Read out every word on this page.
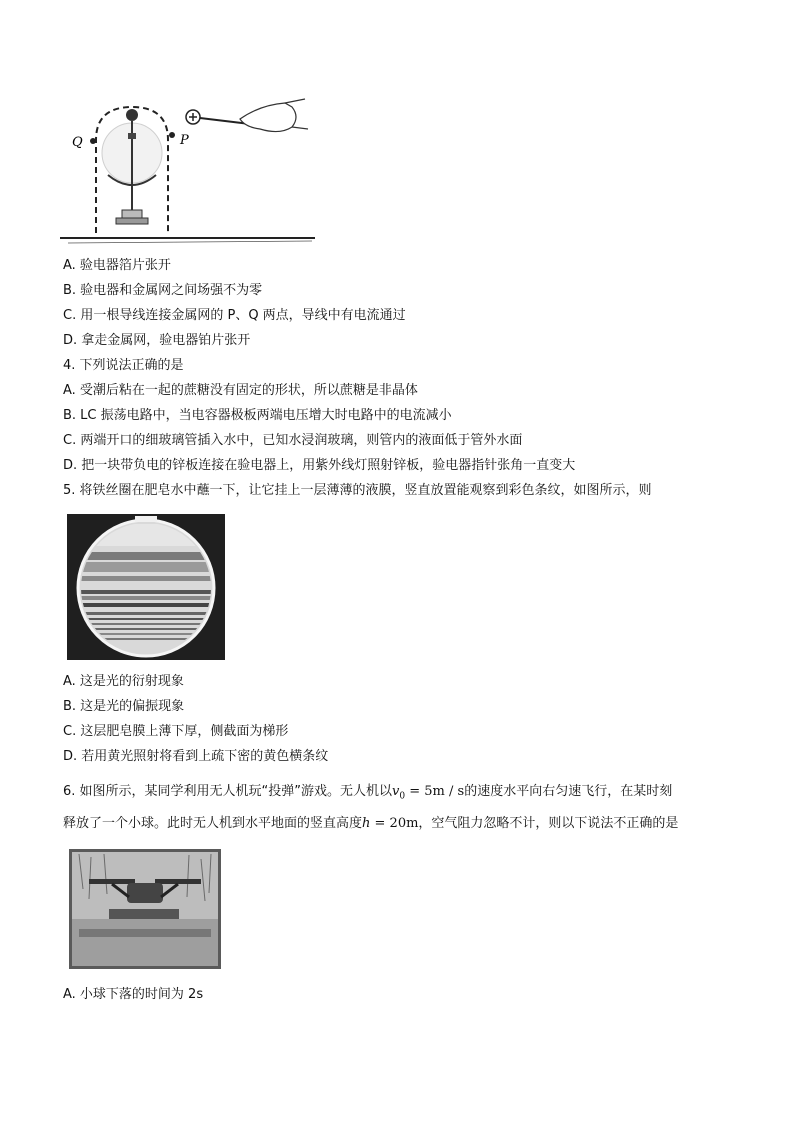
Q	P
A. 验电器箔片张开
B. 验电器和金属网之间场强不为零
C. 用一根导线连接金属网的 P、Q 两点，导线中有电流通过
D. 拿走金属网，验电器铂片张开
4. 下列说法正确的是
A. 受潮后粘在一起的蔗糖没有固定的形状，所以蔗糖是非晶体
B. LC 振荡电路中，当电容器极板两端电压增大时电路中的电流减小
C. 两端开口的细玻璃管插入水中，已知水浸润玻璃，则管内的液面低于管外水面
D. 把一块带负电的锌板连接在验电器上，用紫外线灯照射锌板，验电器指针张角一直变大
5. 将铁丝圈在肥皂水中蘸一下，让它挂上一层薄薄的液膜，竖直放置能观察到彩色条纹，如图所示，则
A. 这是光的衍射现象
B. 这是光的偏振现象
C. 这层肥皂膜上薄下厚，侧截面为梯形
D. 若用黄光照射将看到上疏下密的黄色横条纹
6. 如图所示，某同学利用无人机玩“投弹”游戏。无人机以$v_0 = 5m / s$的速度水平向右匀速飞行，在某时刻
释放了一个小球。此时无人机到水平地面的竖直高度h = 20m，空气阻力忽略不计，则以下说法不正确的是
A. 小球下落的时间为 2s
